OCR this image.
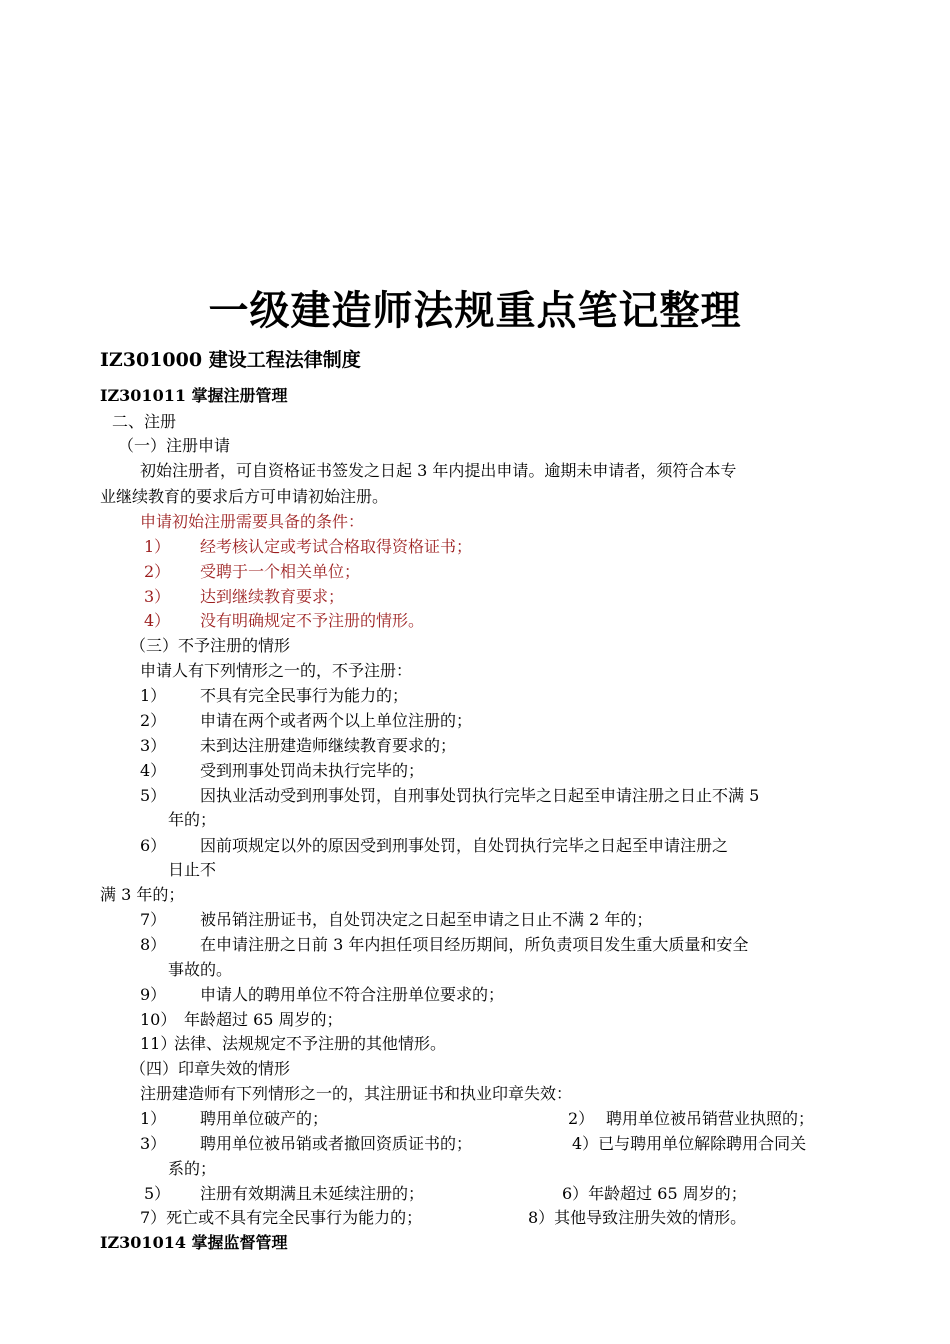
一级建造师法规重点笔记整理
IZ301000 建设工程法律制度
IZ301011 掌握注册管理
二、注册
（一）注册申请
初始注册者，可自资格证书签发之日起 3 年内提出申请。逾期未申请者，须符合本专
业继续教育的要求后方可申请初始注册。
申请初始注册需要具备的条件：
1） 经考核认定或考试合格取得资格证书；
2） 受聘于一个相关单位；
3） 达到继续教育要求；
4） 没有明确规定不予注册的情形。
（三）不予注册的情形
申请人有下列情形之一的，不予注册：
1） 不具有完全民事行为能力的；
2） 申请在两个或者两个以上单位注册的；
3） 未到达注册建造师继续教育要求的；
4） 受到刑事处罚尚未执行完毕的；
5） 因执业活动受到刑事处罚，自刑事处罚执行完毕之日起至申请注册之日止不满 5
年的；
6） 因前项规定以外的原因受到刑事处罚，自处罚执行完毕之日起至申请注册之
日止不
满 3 年的；
7） 被吊销注册证书，自处罚决定之日起至申请之日止不满 2 年的；
8） 在申请注册之日前 3 年内担任项目经历期间，所负责项目发生重大质量和安全
事故的。
9） 申请人的聘用单位不符合注册单位要求的；
10） 年龄超过 65 周岁的；
11）
法律、法规规定不予注册的其他情形。
（四）印章失效的情形
注册建造师有下列情形之一的，其注册证书和执业印章失效：
1） 聘用单位破产的；	2） 聘用单位被吊销营业执照的；
3） 聘用单位被吊销或者撤回资质证书的；	4）已与聘用单位解除聘用合同关
系的；
5） 注册有效期满且未延续注册的；	6）年龄超过 65 周岁的；
7）死亡或不具有完全民事行为能力的；	8）其他导致注册失效的情形。
IZ301014 掌握监督管理
